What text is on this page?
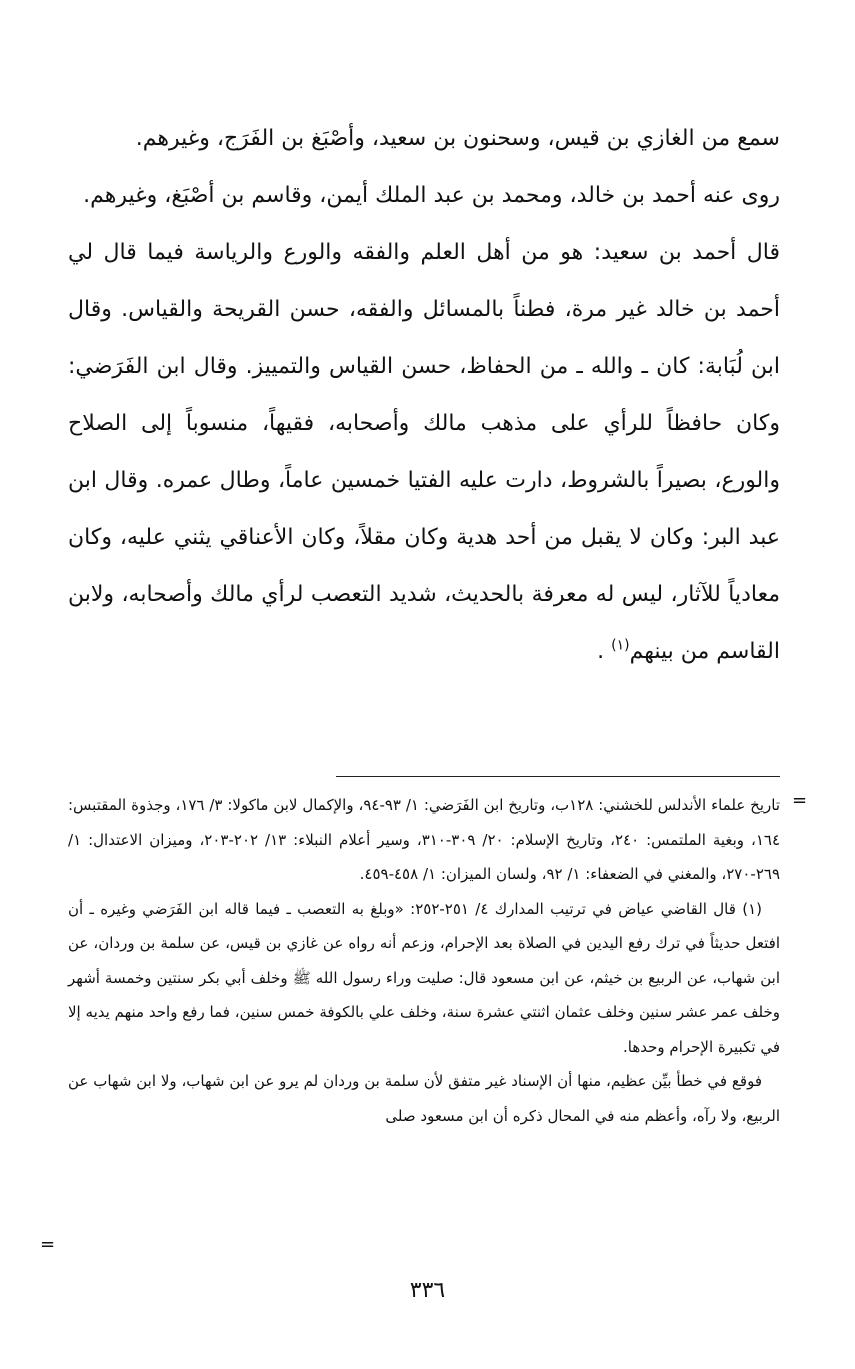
سمع من الغازي بن قيس، وسحنون بن سعيد، وأصْبَغ بن الفَرَج، وغيرهم.

روى عنه أحمد بن خالد، ومحمد بن عبد الملك أيمن، وقاسم بن أصْبَغ، وغيرهم.

قال أحمد بن سعيد: هو من أهل العلم والفقه والورع والرياسة فيما قال لي أحمد بن خالد غير مرة، فطناً بالمسائل والفقه، حسن القريحة والقياس. وقال ابن لُبَابة: كان ـ والله ـ من الحفاظ، حسن القياس والتمييز. وقال ابن الفَرَضي: وكان حافظاً للرأي على مذهب مالك وأصحابه، فقيهاً، منسوباً إلى الصلاح والورع، بصيراً بالشروط، دارت عليه الفتيا خمسين عاماً، وطال عمره. وقال ابن عبد البر: وكان لا يقبل من أحد هدية وكان مقلاً، وكان الأعناقي يثني عليه، وكان معادياً للآثار، ليس له معرفة بالحديث، شديد التعصب لرأي مالك وأصحابه، ولابن القاسم من بينهم$^{(١)}$ .

=

تاريخ علماء الأندلس للخشني: ١٢٨ب، وتاريخ ابن الفَرَضي: ١/ ٩٣-٩٤، والإكمال لابن ماكولا: ٣/ ١٧٦، وجذوة المقتبس: ١٦٤، وبغية الملتمس: ٢٤٠، وتاريخ الإسلام: ٢٠/ ٣٠٩-٣١٠، وسير أعلام النبلاء: ١٣/ ٢٠٢-٢٠٣، وميزان الاعتدال: ١/ ٢٦٩-٢٧٠، والمغني في الضعفاء: ١/ ٩٢، ولسان الميزان: ١/ ٤٥٨-٤٥٩.

(١) قال القاضي عياض في ترتيب المدارك ٤/ ٢٥١-٢٥٢: «وبلغ به التعصب ـ فيما قاله ابن الفَرَضي وغيره ـ أن افتعل حديثاً في ترك رفع اليدين في الصلاة بعد الإحرام، وزعم أنه رواه عن غازي بن قيس، عن سلمة بن وردان، عن ابن شهاب، عن الربيع بن خيثم، عن ابن مسعود قال: صليت وراء رسول الله ﷺ وخلف أبي بكر سنتين وخمسة أشهر وخلف عمر عشر سنين وخلف عثمان اثنتي عشرة سنة، وخلف علي بالكوفة خمس سنين، فما رفع واحد منهم يديه إلا في تكبيرة الإحرام وحدها.

فوقع في خطأ بيِّن عظيم، منها أن الإسناد غير متفق لأن سلمة بن وردان لم يرو عن ابن شهاب، ولا ابن شهاب عن الربيع، ولا رآه، وأعظم منه في المحال ذكره أن ابن مسعود صلى

=
٣٣٦
